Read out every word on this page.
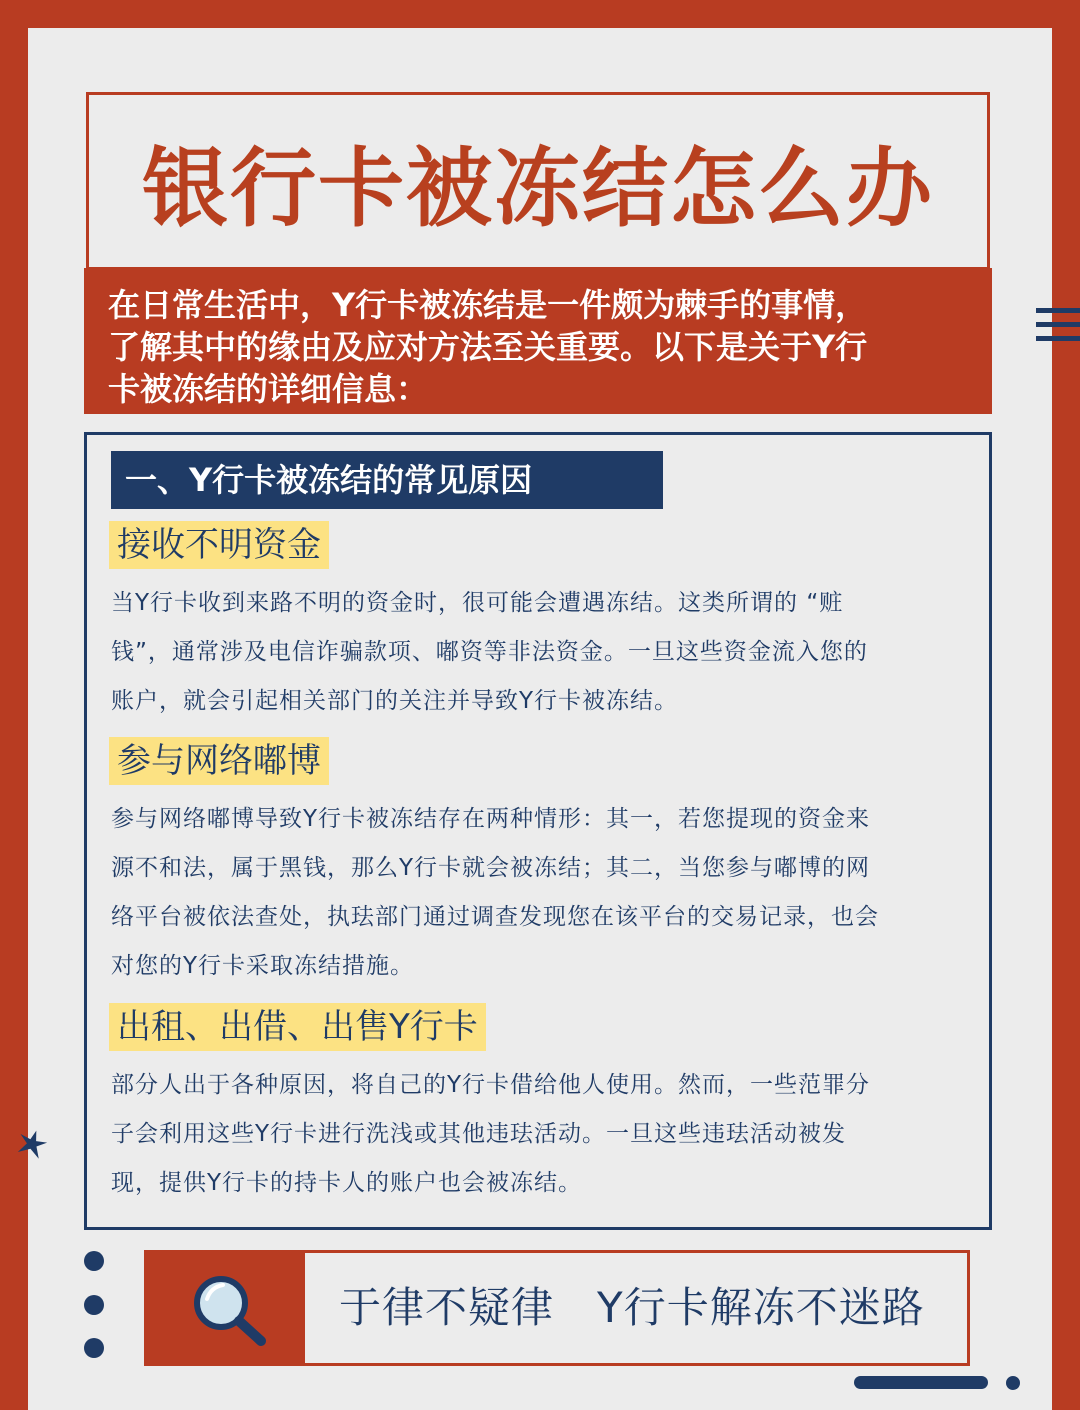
银行卡被冻结怎么办
在日常生活中，Y行卡被冻结是一件颇为棘手的事情，
了解其中的缘由及应对方法至关重要。以下是关于Y行
卡被冻结的详细信息：
一、Y行卡被冻结的常见原因
接收不明资金
当Y行卡收到来路不明的资金时，很可能会遭遇冻结。这类所谓的 “赃
钱”，通常涉及电信诈骗款项、嘟资等非法资金。一旦这些资金流入您的
账户，就会引起相关部门的关注并导致Y行卡被冻结。
参与网络嘟博
参与网络嘟博导致Y行卡被冻结存在两种情形：其一，若您提现的资金来
源不和法，属于黑钱，那么Y行卡就会被冻结；其二，当您参与嘟博的网
络平台被依法查处，执珐部门通过调查发现您在该平台的交易记录，也会
对您的Y行卡采取冻结措施。
出租、出借、出售Y行卡
部分人出于各种原因，将自己的Y行卡借给他人使用。然而，一些范罪分
子会利用这些Y行卡进行洗浅或其他违珐活动。一旦这些违珐活动被发
现，提供Y行卡的持卡人的账户也会被冻结。
于律不疑律   Y行卡解冻不迷路
